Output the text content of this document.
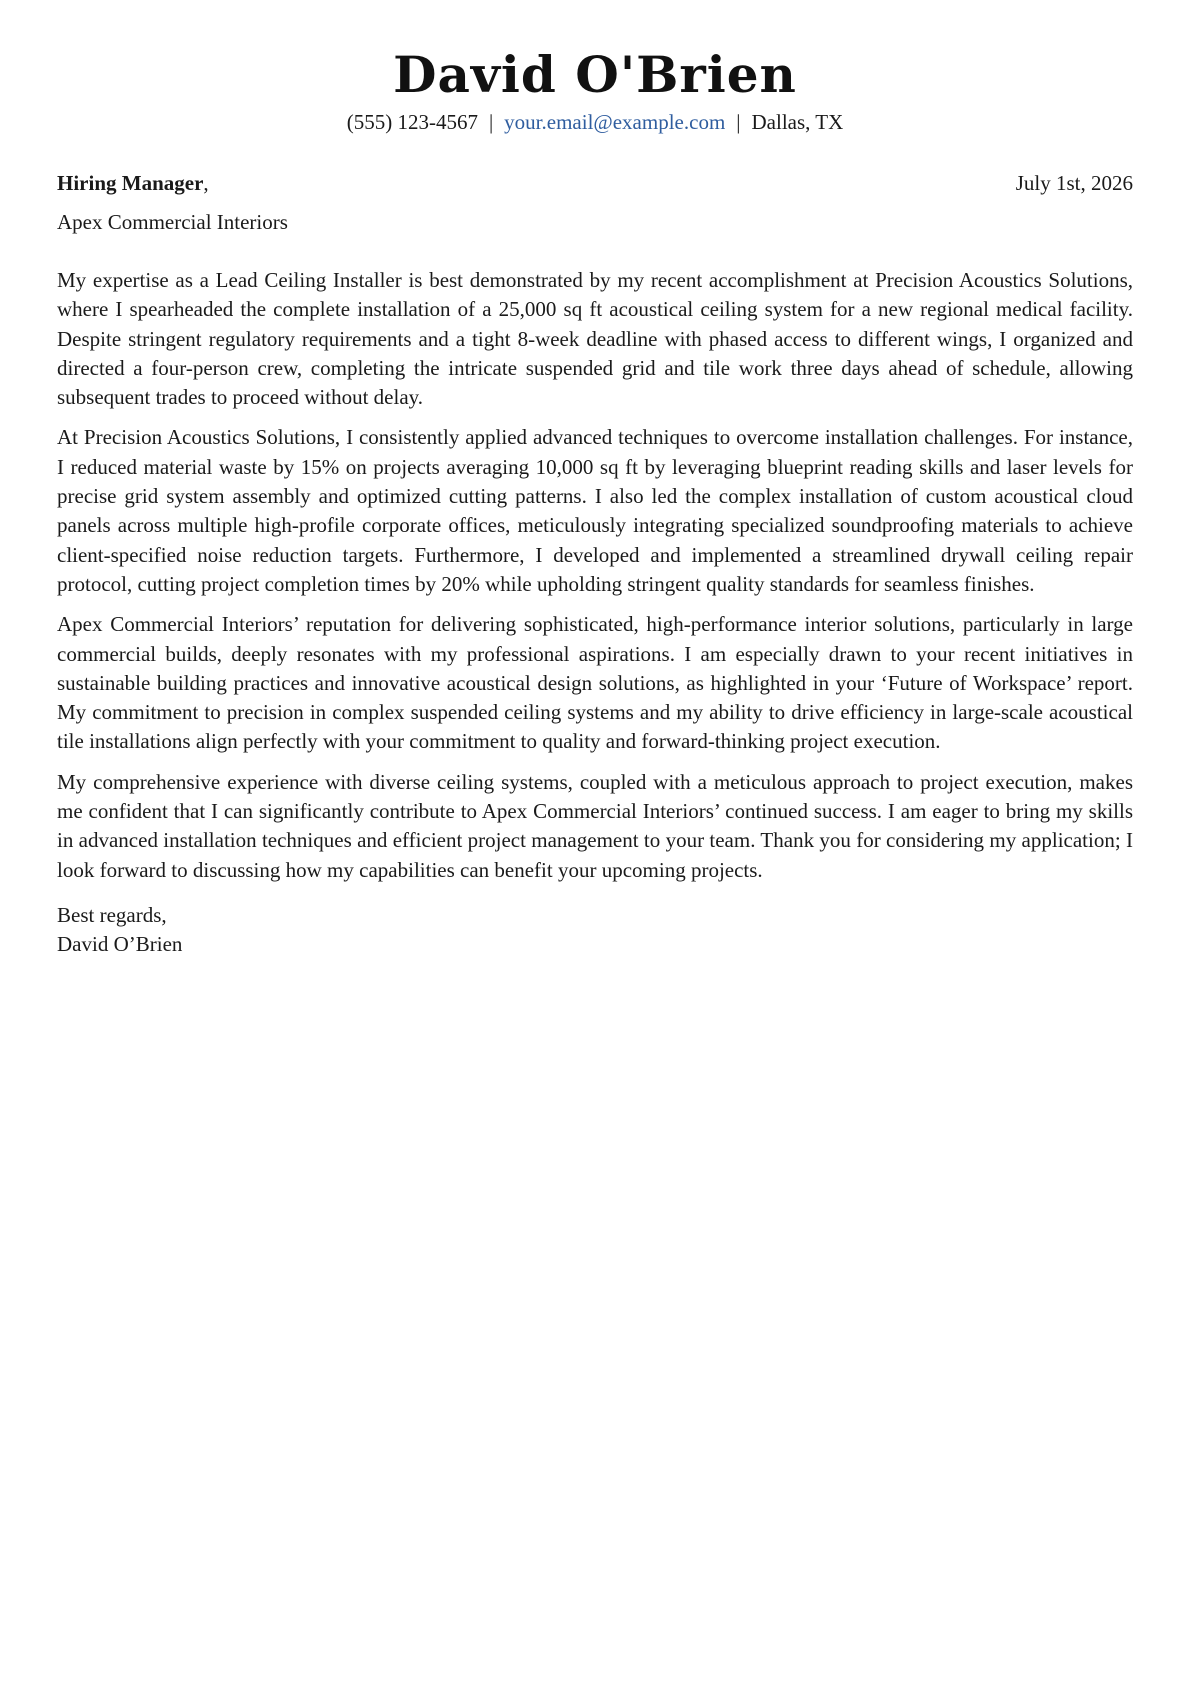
David O'Brien
(555) 123-4567 | your.email@example.com | Dallas, TX
Hiring Manager,	July 1st, 2026
Apex Commercial Interiors

My expertise as a Lead Ceiling Installer is best demonstrated by my recent accomplishment at Precision Acoustics Solutions, where I spearheaded the complete installation of a 25,000 sq ft acoustical ceiling system for a new regional medical facility. Despite stringent regulatory requirements and a tight 8-week deadline with phased access to different wings, I organized and directed a four-person crew, completing the intricate suspended grid and tile work three days ahead of schedule, allowing subsequent trades to proceed without delay.

At Precision Acoustics Solutions, I consistently applied advanced techniques to overcome installation challenges. For instance, I reduced material waste by 15% on projects averaging 10,000 sq ft by leveraging blueprint reading skills and laser levels for precise grid system assembly and optimized cutting patterns. I also led the complex installation of custom acoustical cloud panels across multiple high-profile corporate offices, meticulously integrating specialized soundproofing materials to achieve client-specified noise reduction targets. Furthermore, I developed and implemented a streamlined drywall ceiling repair protocol, cutting project completion times by 20% while upholding stringent quality standards for seamless finishes.

Apex Commercial Interiors’ reputation for delivering sophisticated, high-performance interior solutions, particularly in large commercial builds, deeply resonates with my professional aspirations. I am especially drawn to your recent initiatives in sustainable building practices and innovative acoustical design solutions, as highlighted in your ‘Future of Workspace’ report. My commitment to precision in complex suspended ceiling systems and my ability to drive efficiency in large-scale acoustical tile installations align perfectly with your commitment to quality and forward-thinking project execution.

My comprehensive experience with diverse ceiling systems, coupled with a meticulous approach to project execution, makes me confident that I can significantly contribute to Apex Commercial Interiors’ continued success. I am eager to bring my skills in advanced installation techniques and efficient project management to your team. Thank you for considering my application; I look forward to discussing how my capabilities can benefit your upcoming projects.

Best regards,
David O’Brien
